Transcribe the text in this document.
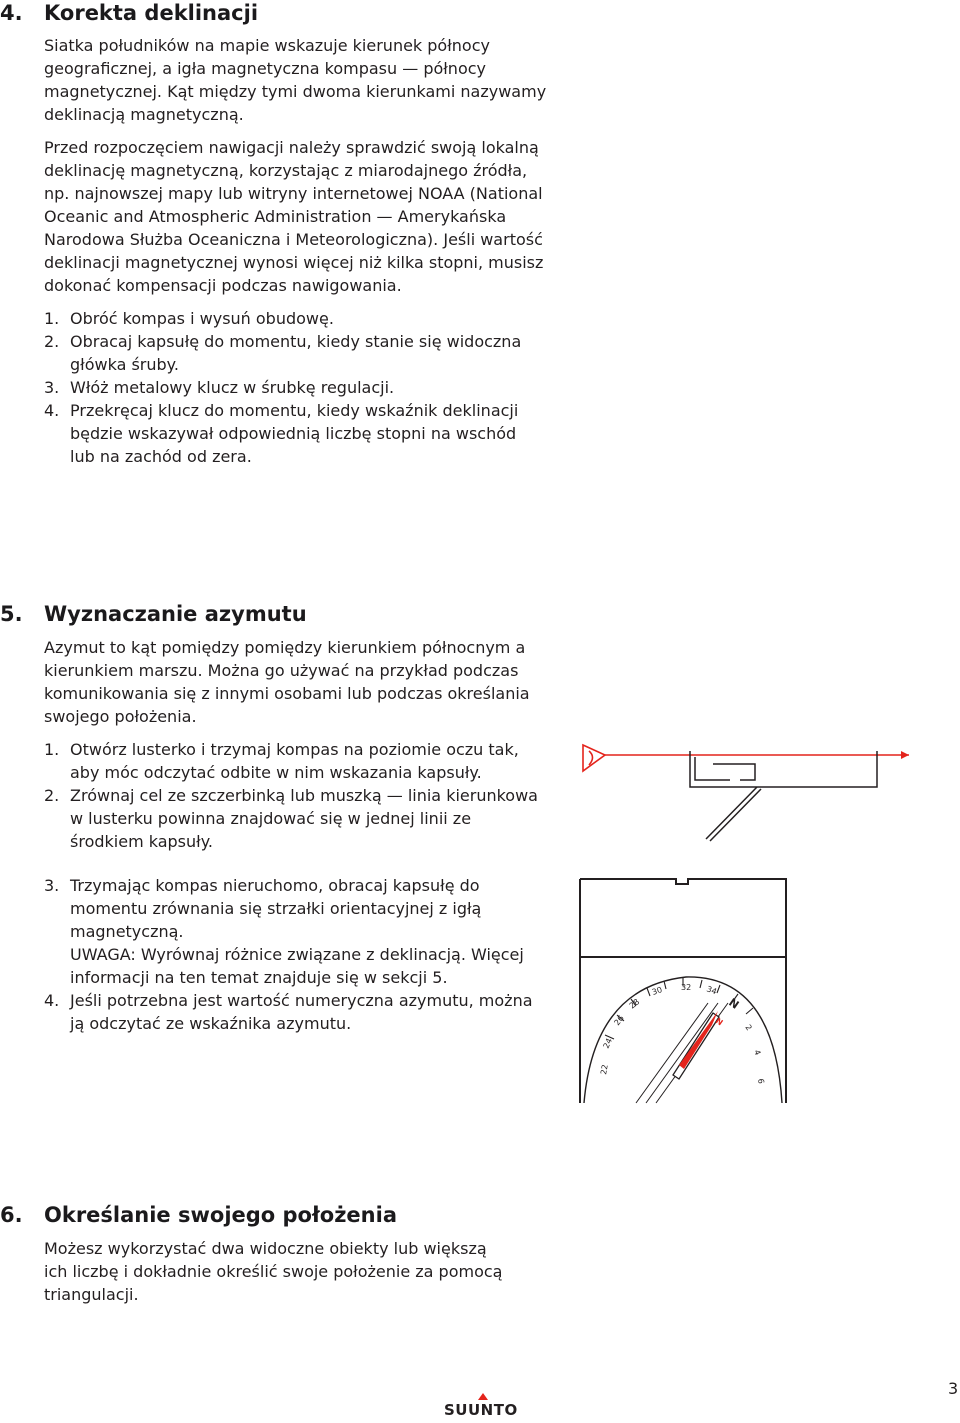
4. Korekta deklinacji

Siatka południków na mapie wskazuje kierunek północy
geograficznej, a igła magnetyczna kompasu — północy
magnetycznej. Kąt między tymi dwoma kierunkami nazywamy
deklinacją magnetyczną.

Przed rozpoczęciem nawigacji należy sprawdzić swoją lokalną
deklinację magnetyczną, korzystając z miarodajnego źródła,
np. najnowszej mapy lub witryny internetowej NOAA (National
Oceanic and Atmospheric Administration — Amerykańska
Narodowa Służba Oceaniczna i Meteorologiczna). Jeśli wartość
deklinacji magnetycznej wynosi więcej niż kilka stopni, musisz
dokonać kompensacji podczas nawigowania.

1. Obróć kompas i wysuń obudowę.
2. Obracaj kapsułę do momentu, kiedy stanie się widoczna
główka śruby.
3. Włóż metalowy klucz w śrubkę regulacji.
4. Przekręcaj klucz do momentu, kiedy wskaźnik deklinacji
będzie wskazywał odpowiednią liczbę stopni na wschód
lub na zachód od zera.
5. Wyznaczanie azymutu

Azymut to kąt pomiędzy pomiędzy kierunkiem północnym a
kierunkiem marszu. Można go używać na przykład podczas
komunikowania się z innymi osobami lub podczas określania
swojego położenia.

1. Otwórz lusterko i trzymaj kompas na poziomie oczu tak,
aby móc odczytać odbite w nim wskazania kapsuły.
2. Zrównaj cel ze szczerbinką lub muszką — linia kierunkowa
w lusterku powinna znajdować się w jednej linii ze
środkiem kapsuły.
3. Trzymając kompas nieruchomo, obracaj kapsułę do
momentu zrównania się strzałki orientacyjnej z igłą
magnetyczną.
UWAGA: Wyrównaj różnice związane z deklinacją. Więcej
informacji na ten temat znajduje się w sekcji 5.
4. Jeśli potrzebna jest wartość numeryczna azymutu, można
ją odczytać ze wskaźnika azymutu.
22
24
26
28
30 32 34
N
2
4
6
N
6. Określanie swojego położenia

Możesz wykorzystać dwa widoczne obiekty lub większą
ich liczbę i dokładnie określić swoje położenie za pomocą
triangulacji.

3
SUUNTO
